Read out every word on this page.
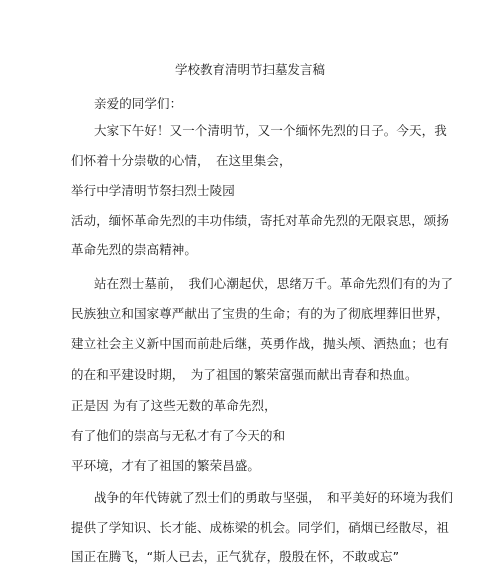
学校教育清明节扫墓发言稿
亲爱的同学们：
大家下午好！又一个清明节，又一个缅怀先烈的日子。今天，我
们怀着十分崇敬的心情，　在这里集会，
举行中学清明节祭扫烈士陵园
活动，缅怀革命先烈的丰功伟绩，寄托对革命先烈的无限哀思，颂扬
革命先烈的崇高精神。
站在烈士墓前，　我们心潮起伏，思绪万千。革命先烈们有的为了
民族独立和国家尊严献出了宝贵的生命；有的为了彻底埋葬旧世界，
建立社会主义新中国而前赴后继，英勇作战，抛头颅、洒热血；也有
的在和平建设时期，　为了祖国的繁荣富强而献出青春和热血。
正是因 为有了这些无数的革命先烈，
有了他们的崇高与无私才有了今天的和
平环境，才有了祖国的繁荣昌盛。
战争的年代铸就了烈士们的勇敢与坚强，　和平美好的环境为我们
提供了学知识、长才能、成栋梁的机会。同学们，硝烟已经散尽，祖
国正在腾飞，“斯人已去，正气犹存，殷殷在怀，不敢或忘”
